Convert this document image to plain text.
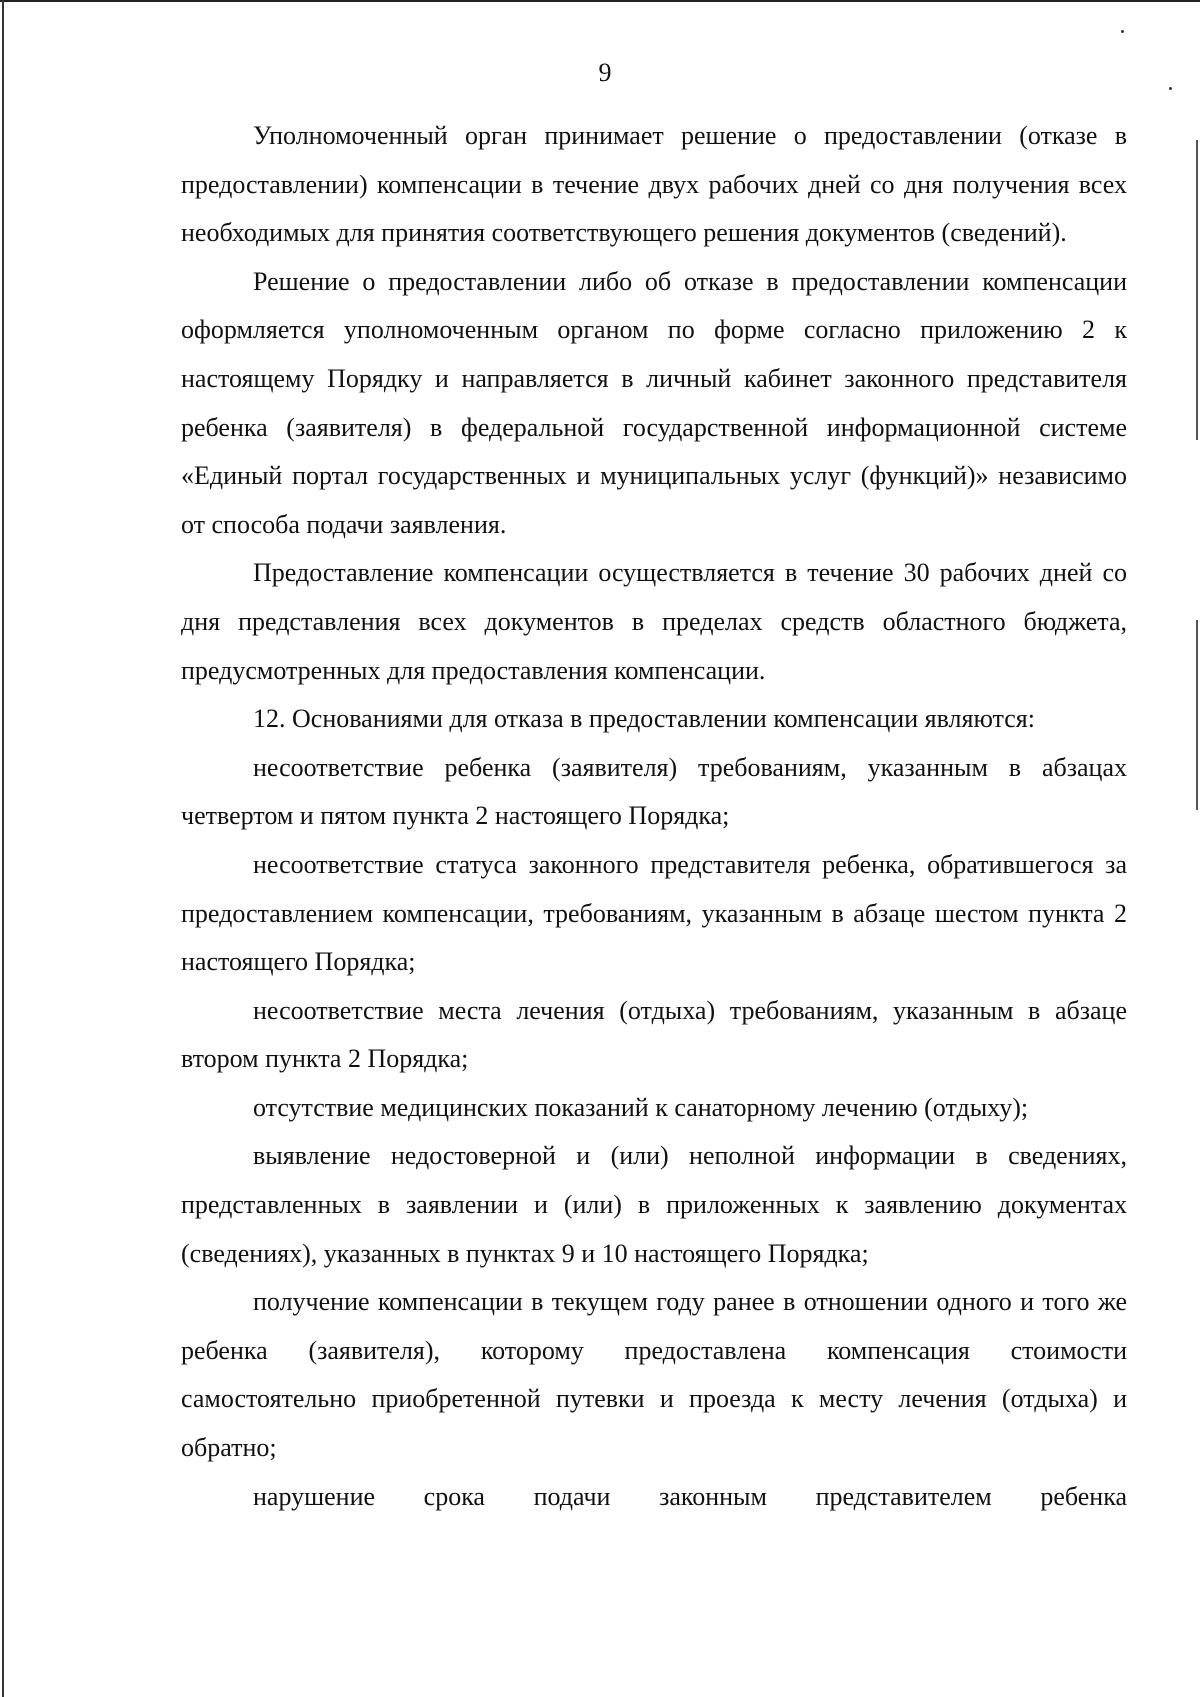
9

Уполномоченный орган принимает решение о предоставлении (отказе в предоставлении) компенсации в течение двух рабочих дней со дня получения всех необходимых для принятия соответствующего решения документов (сведений).

Решение о предоставлении либо об отказе в предоставлении компенсации оформляется уполномоченным органом по форме согласно приложению 2 к настоящему Порядку и направляется в личный кабинет законного представителя ребенка (заявителя) в федеральной государственной информационной системе «Единый портал государственных и муниципальных услуг (функций)» независимо от способа подачи заявления.

Предоставление компенсации осуществляется в течение 30 рабочих дней со дня представления всех документов в пределах средств областного бюджета, предусмотренных для предоставления компенсации.

12. Основаниями для отказа в предоставлении компенсации являются:

несоответствие ребенка (заявителя) требованиям, указанным в абзацах четвертом и пятом пункта 2 настоящего Порядка;

несоответствие статуса законного представителя ребенка, обратившегося за предоставлением компенсации, требованиям, указанным в абзаце шестом пункта 2 настоящего Порядка;

несоответствие места лечения (отдыха) требованиям, указанным в абзаце втором пункта 2 Порядка;

отсутствие медицинских показаний к санаторному лечению (отдыху);

выявление недостоверной и (или) неполной информации в сведениях, представленных в заявлении и (или) в приложенных к заявлению документах (сведениях), указанных в пунктах 9 и 10 настоящего Порядка;

получение компенсации в текущем году ранее в отношении одного и того же ребенка (заявителя), которому предоставлена компенсация стоимости самостоятельно приобретенной путевки и проезда к месту лечения (отдыха) и обратно;

нарушение срока подачи законным представителем ребенка
